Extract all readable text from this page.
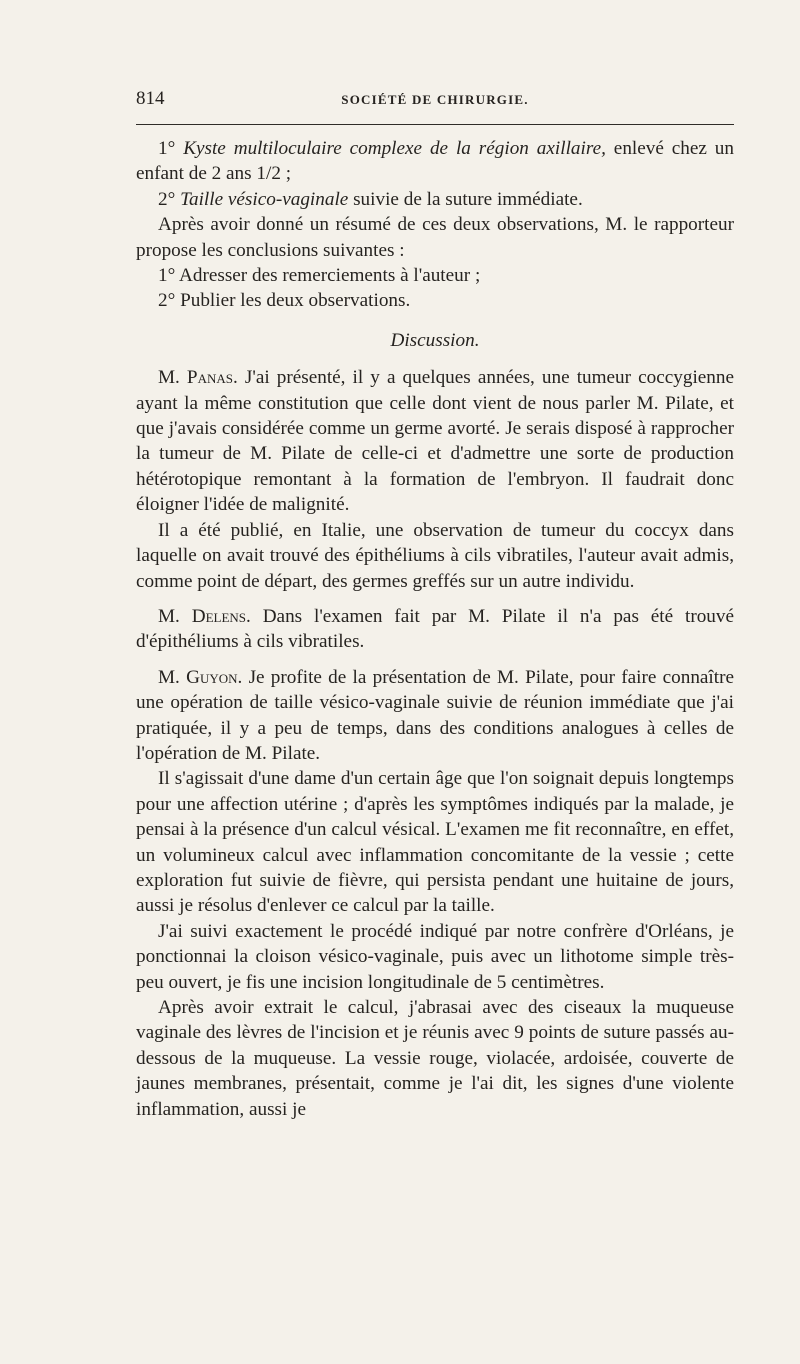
814	SOCIÉTÉ DE CHIRURGIE.

1° Kyste multiloculaire complexe de la région axillaire, enlevé chez un enfant de 2 ans 1/2 ;

2° Taille vésico-vaginale suivie de la suture immédiate.

Après avoir donné un résumé de ces deux observations, M. le rapporteur propose les conclusions suivantes :

1° Adresser des remerciements à l'auteur ;

2° Publier les deux observations.

Discussion.

M. Panas. J'ai présenté, il y a quelques années, une tumeur coccygienne ayant la même constitution que celle dont vient de nous parler M. Pilate, et que j'avais considérée comme un germe avorté. Je serais disposé à rapprocher la tumeur de M. Pilate de celle-ci et d'admettre une sorte de production hétérotopique remontant à la formation de l'embryon. Il faudrait donc éloigner l'idée de malignité.

Il a été publié, en Italie, une observation de tumeur du coccyx dans laquelle on avait trouvé des épithéliums à cils vibratiles, l'auteur avait admis, comme point de départ, des germes greffés sur un autre individu.

M. Delens. Dans l'examen fait par M. Pilate il n'a pas été trouvé d'épithéliums à cils vibratiles.

M. Guyon. Je profite de la présentation de M. Pilate, pour faire connaître une opération de taille vésico-vaginale suivie de réunion immédiate que j'ai pratiquée, il y a peu de temps, dans des conditions analogues à celles de l'opération de M. Pilate.

Il s'agissait d'une dame d'un certain âge que l'on soignait depuis longtemps pour une affection utérine ; d'après les symptômes indiqués par la malade, je pensai à la présence d'un calcul vésical. L'examen me fit reconnaître, en effet, un volumineux calcul avec inflammation concomitante de la vessie ; cette exploration fut suivie de fièvre, qui persista pendant une huitaine de jours, aussi je résolus d'enlever ce calcul par la taille.

J'ai suivi exactement le procédé indiqué par notre confrère d'Orléans, je ponctionnai la cloison vésico-vaginale, puis avec un lithotome simple très-peu ouvert, je fis une incision longitudinale de 5 centimètres.

Après avoir extrait le calcul, j'abrasai avec des ciseaux la muqueuse vaginale des lèvres de l'incision et je réunis avec 9 points de suture passés au-dessous de la muqueuse. La vessie rouge, violacée, ardoisée, couverte de jaunes membranes, présentait, comme je l'ai dit, les signes d'une violente inflammation, aussi je
